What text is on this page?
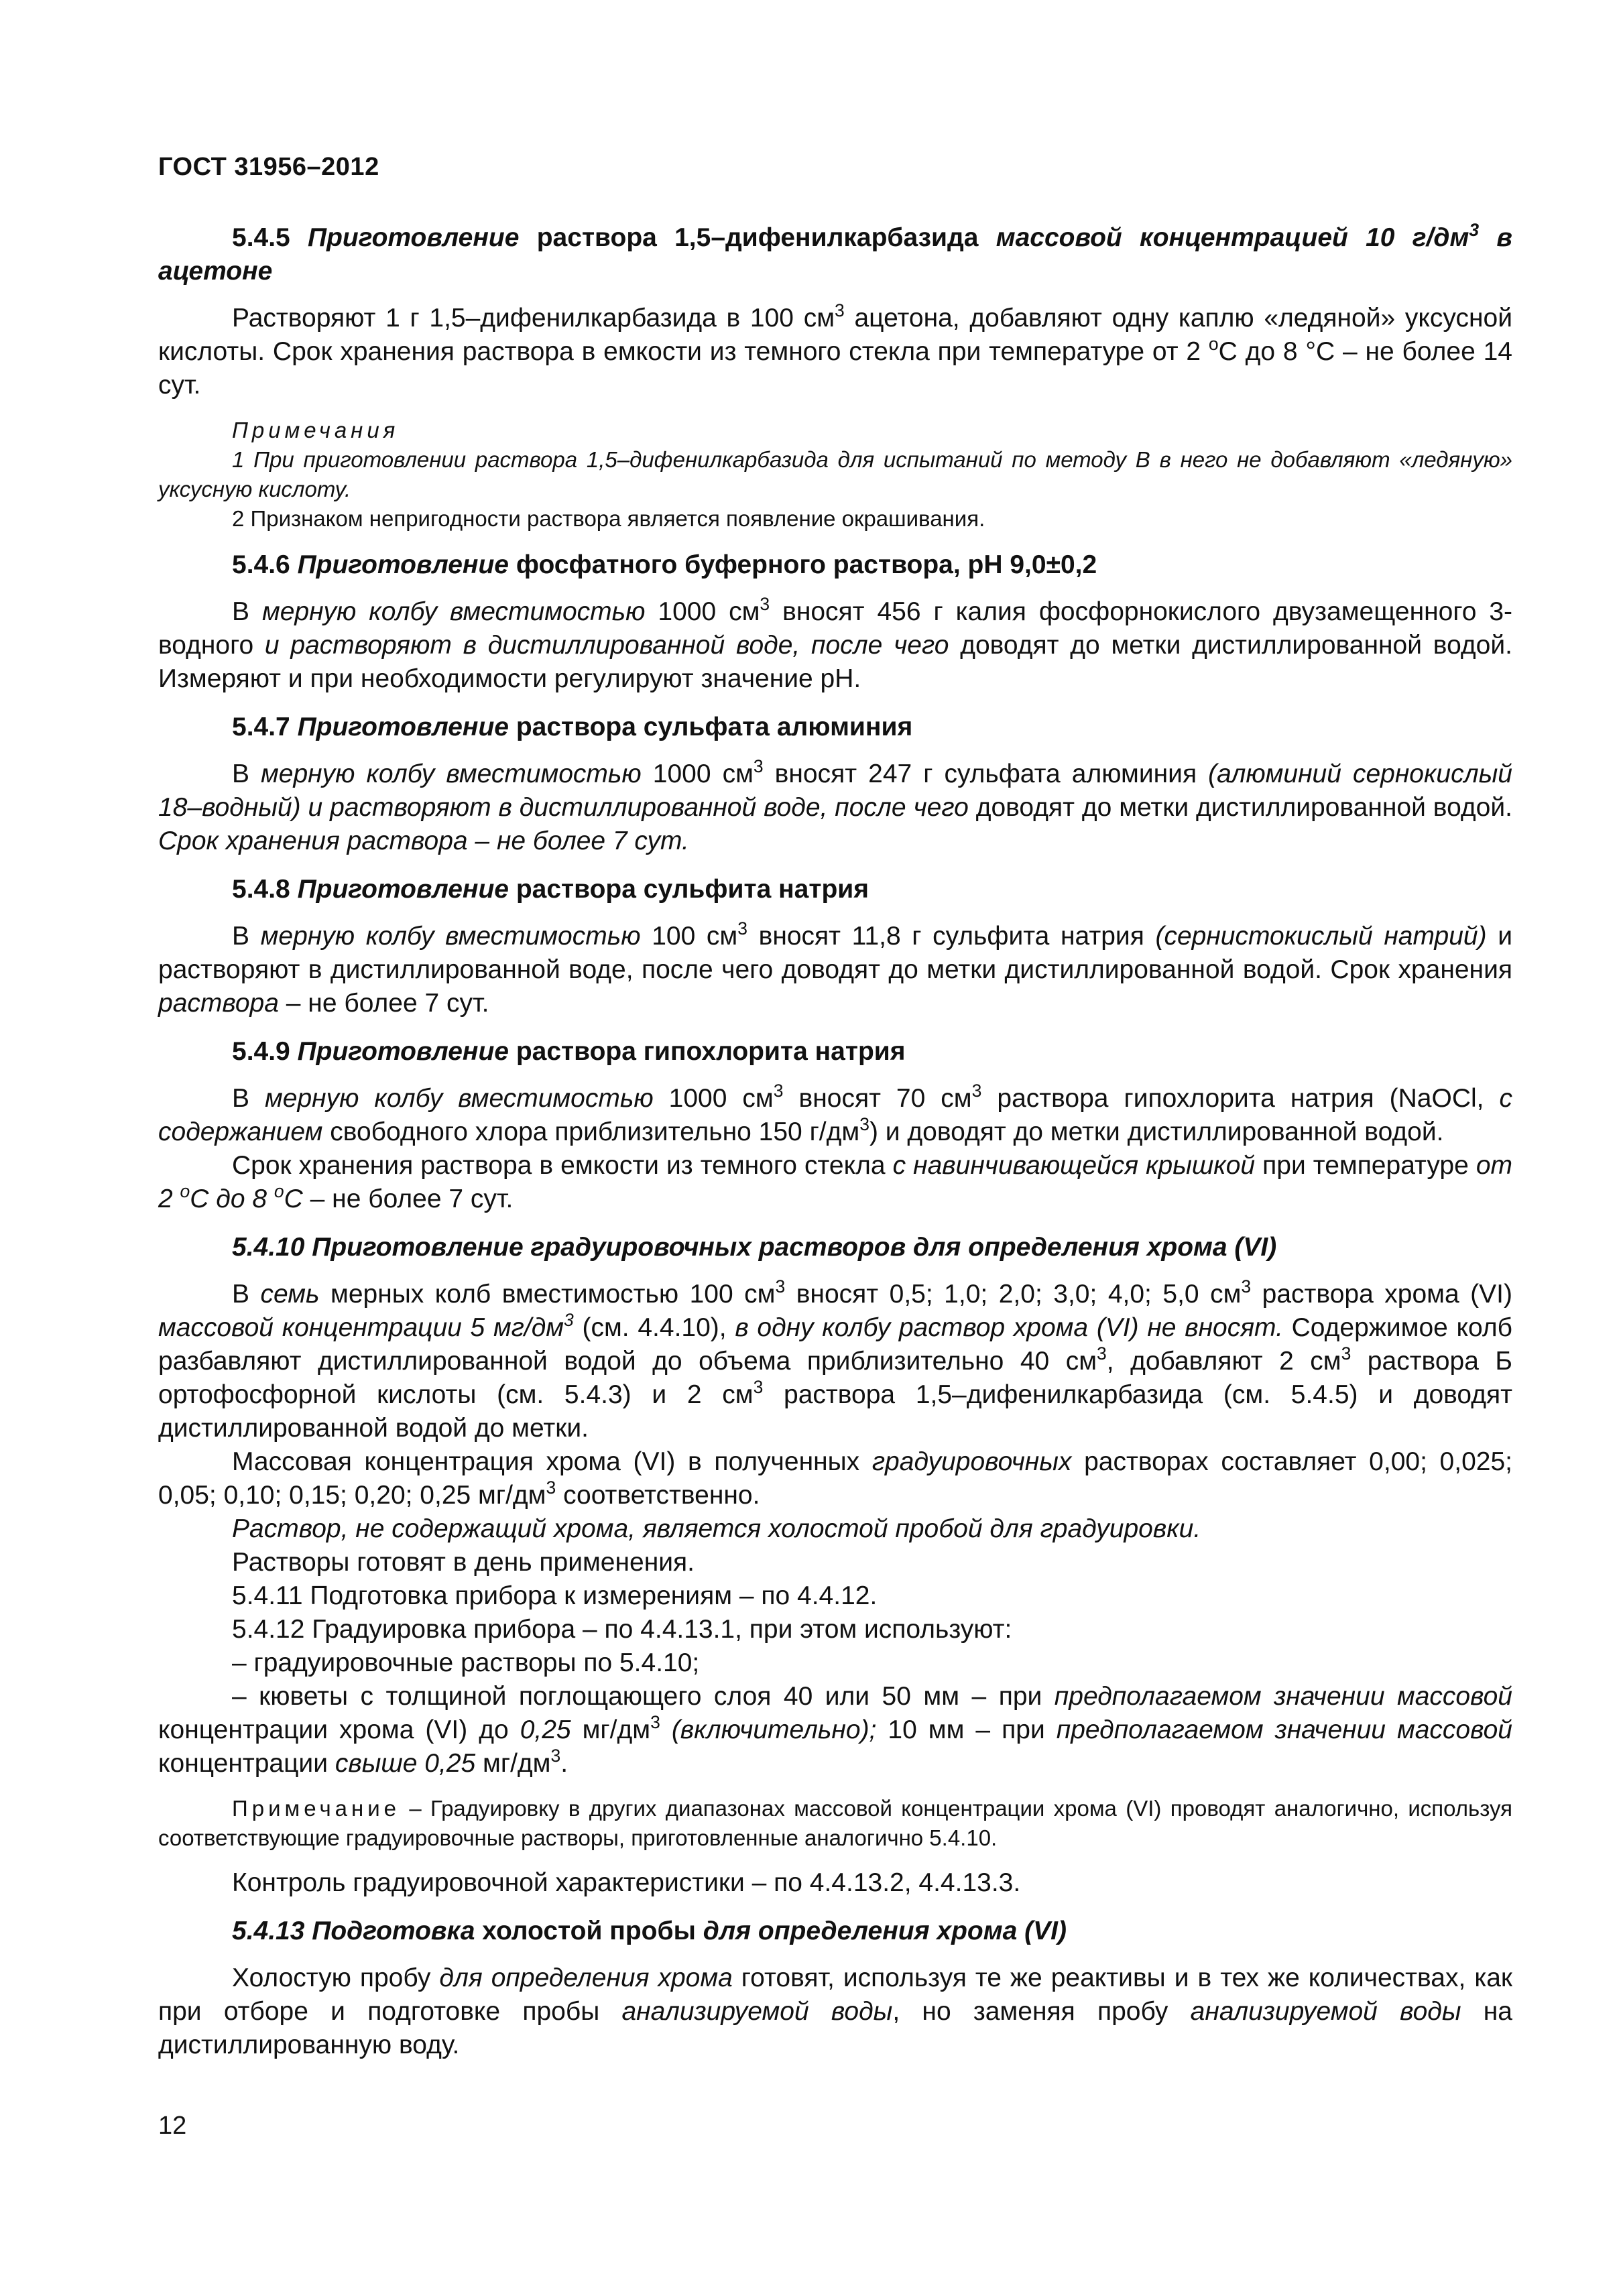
ГОСТ 31956–2012

5.4.5 Приготовление раствора 1,5–дифенилкарбазида массовой концентрацией 10 $г/дм^3$ в ацетоне

Растворяют 1 г 1,5–дифенилкарбазида в 100 $см^3$ ацетона, добавляют одну каплю «ледяной» уксусной кислоты. Срок хранения раствора в емкости из темного стекла при температуре от 2 $^о$С до 8 °С – не более 14 сут.

Примечания

1 При приготовлении раствора 1,5–дифенилкарбазида для испытаний по методу В в него не добавляют «ледяную» уксусную кислоту.

2 Признаком непригодности раствора является появление окрашивания.

5.4.6 Приготовление фосфатного буферного раствора, pH 9,0±0,2

В мерную колбу вместимостью 1000 $см^3$ вносят 456 г калия фосфорнокислого двузамещенного 3-водного и растворяют в дистиллированной воде, после чего доводят до метки дистиллированной водой. Измеряют и при необходимости регулируют значение pH.

5.4.7 Приготовление раствора сульфата алюминия

В мерную колбу вместимостью 1000 $см^3$ вносят 247 г сульфата алюминия (алюминий сернокислый 18–водный) и растворяют в дистиллированной воде, после чего доводят до метки дистиллированной водой. Срок хранения раствора – не более 7 сут.

5.4.8 Приготовление раствора сульфита натрия

В мерную колбу вместимостью 100 $см^3$ вносят 11,8 г сульфита натрия (сернистокислый натрий) и растворяют в дистиллированной воде, после чего доводят до метки дистиллированной водой. Срок хранения раствора – не более 7 сут.

5.4.9 Приготовление раствора гипохлорита натрия

В мерную колбу вместимостью 1000 $см^3$ вносят 70 $см^3$ раствора гипохлорита натрия (NaOCl, с содержанием свободного хлора приблизительно 150 $г/дм^3$) и доводят до метки дистиллированной водой.

Срок хранения раствора в емкости из темного стекла с навинчивающейся крышкой при температуре от 2 $^о$С до 8 $^о$С – не более 7 сут.

5.4.10 Приготовление градуировочных растворов для определения хрома (VI)

В семь мерных колб вместимостью 100 $см^3$ вносят 0,5; 1,0; 2,0; 3,0; 4,0; 5,0 $см^3$ раствора хрома (VI) массовой концентрации 5 $мг/дм^3$ (см. 4.4.10), в одну колбу раствор хрома (VI) не вносят. Содержимое колб разбавляют дистиллированной водой до объема приблизительно 40 $см^3$, добавляют 2 $см^3$ раствора Б ортофосфорной кислоты (см. 5.4.3) и 2 $см^3$ раствора 1,5–дифенилкарбазида (см. 5.4.5) и доводят дистиллированной водой до метки.

Массовая концентрация хрома (VI) в полученных градуировочных растворах составляет 0,00; 0,025; 0,05; 0,10; 0,15; 0,20; 0,25 $мг/дм^3$ соответственно.

Раствор, не содержащий хрома, является холостой пробой для градуировки.

Растворы готовят в день применения.

5.4.11 Подготовка прибора к измерениям – по 4.4.12.

5.4.12 Градуировка прибора – по 4.4.13.1, при этом используют:

– градуировочные растворы по 5.4.10;

– кюветы с толщиной поглощающего слоя 40 или 50 мм – при предполагаемом значении массовой концентрации хрома (VI) до 0,25 $мг/дм^3$ (включительно); 10 мм – при предполагаемом значении массовой концентрации свыше 0,25 $мг/дм^3$.

Примечание – Градуировку в других диапазонах массовой концентрации хрома (VI) проводят аналогично, используя соответствующие градуировочные растворы, приготовленные аналогично 5.4.10.

Контроль градуировочной характеристики – по 4.4.13.2, 4.4.13.3.

5.4.13 Подготовка холостой пробы для определения хрома (VI)

Холостую пробу для определения хрома готовят, используя те же реактивы и в тех же количествах, как при отборе и подготовке пробы анализируемой воды, но заменяя пробу анализируемой воды на дистиллированную воду.

12
